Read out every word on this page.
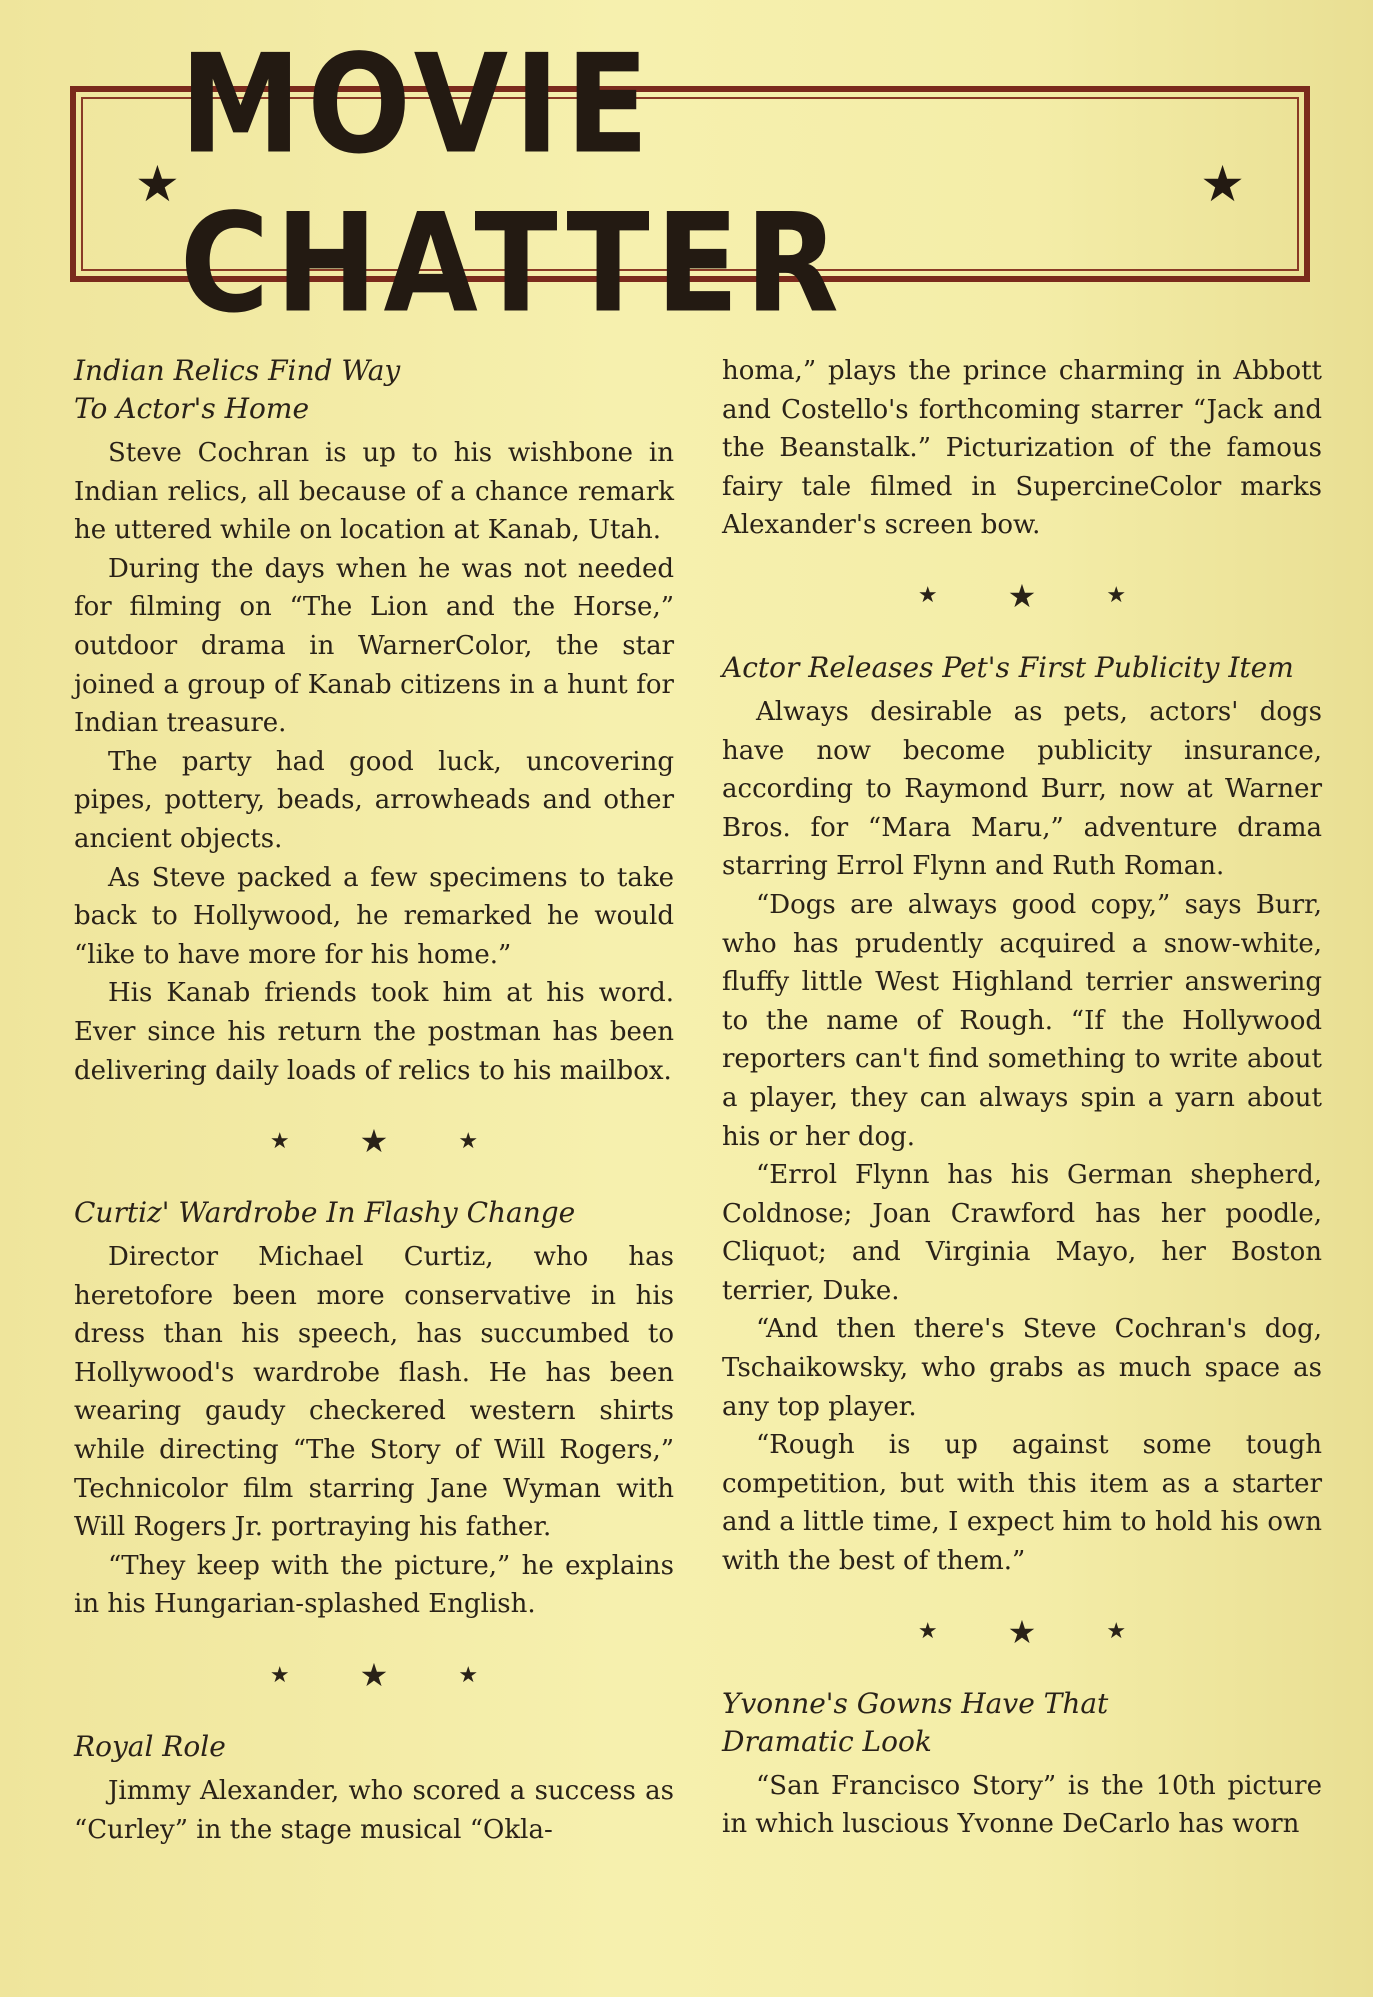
★ MOVIE CHATTER	★
Indian Relics Find Way
To Actor's Home

Steve Cochran is up to his wishbone in Indian relics, all because of a chance remark he uttered while on location at Kanab, Utah.

During the days when he was not needed for filming on “The Lion and the Horse,” outdoor drama in WarnerColor, the star joined a group of Kanab citizens in a hunt for Indian treasure.

The party had good luck, uncovering pipes, pottery, beads, arrowheads and other ancient objects.

As Steve packed a few specimens to take back to Hollywood, he remarked he would “like to have more for his home.”

His Kanab friends took him at his word. Ever since his return the postman has been delivering daily loads of relics to his mailbox.

★ ★	★
Curtiz' Wardrobe In Flashy Change

Director Michael Curtiz, who has heretofore been more conservative in his dress than his speech, has succumbed to Hollywood's wardrobe flash. He has been wearing gaudy checkered western shirts while directing “The Story of Will Rogers,” Technicolor film starring Jane Wyman with Will Rogers Jr. portraying his father.

“They keep with the picture,” he explains in his Hungarian-splashed English.

★ ★	★
Royal Role

Jimmy Alexander, who scored a success as “Curley” in the stage musical “Okla-

homa,” plays the prince charming in Abbott and Costello's forthcoming starrer “Jack and the Beanstalk.” Picturization of the famous fairy tale filmed in SupercineColor marks Alexander's screen bow.

★ ★	★
Actor Releases Pet's First Publicity Item

Always desirable as pets, actors' dogs have now become publicity insurance, according to Raymond Burr, now at Warner Bros. for “Mara Maru,” adventure drama starring Errol Flynn and Ruth Roman.

“Dogs are always good copy,” says Burr, who has prudently acquired a snow-white, fluffy little West Highland terrier answering to the name of Rough. “If the Hollywood reporters can't find something to write about a player, they can always spin a yarn about his or her dog.

“Errol Flynn has his German shepherd, Coldnose; Joan Crawford has her poodle, Cliquot; and Virginia Mayo, her Boston terrier, Duke.

“And then there's Steve Cochran's dog, Tschaikowsky, who grabs as much space as any top player.

“Rough is up against some tough competition, but with this item as a starter and a little time, I expect him to hold his own with the best of them.”

★ ★	★
Yvonne's Gowns Have That
Dramatic Look

“San Francisco Story” is the 10th picture in which luscious Yvonne DeCarlo has worn
